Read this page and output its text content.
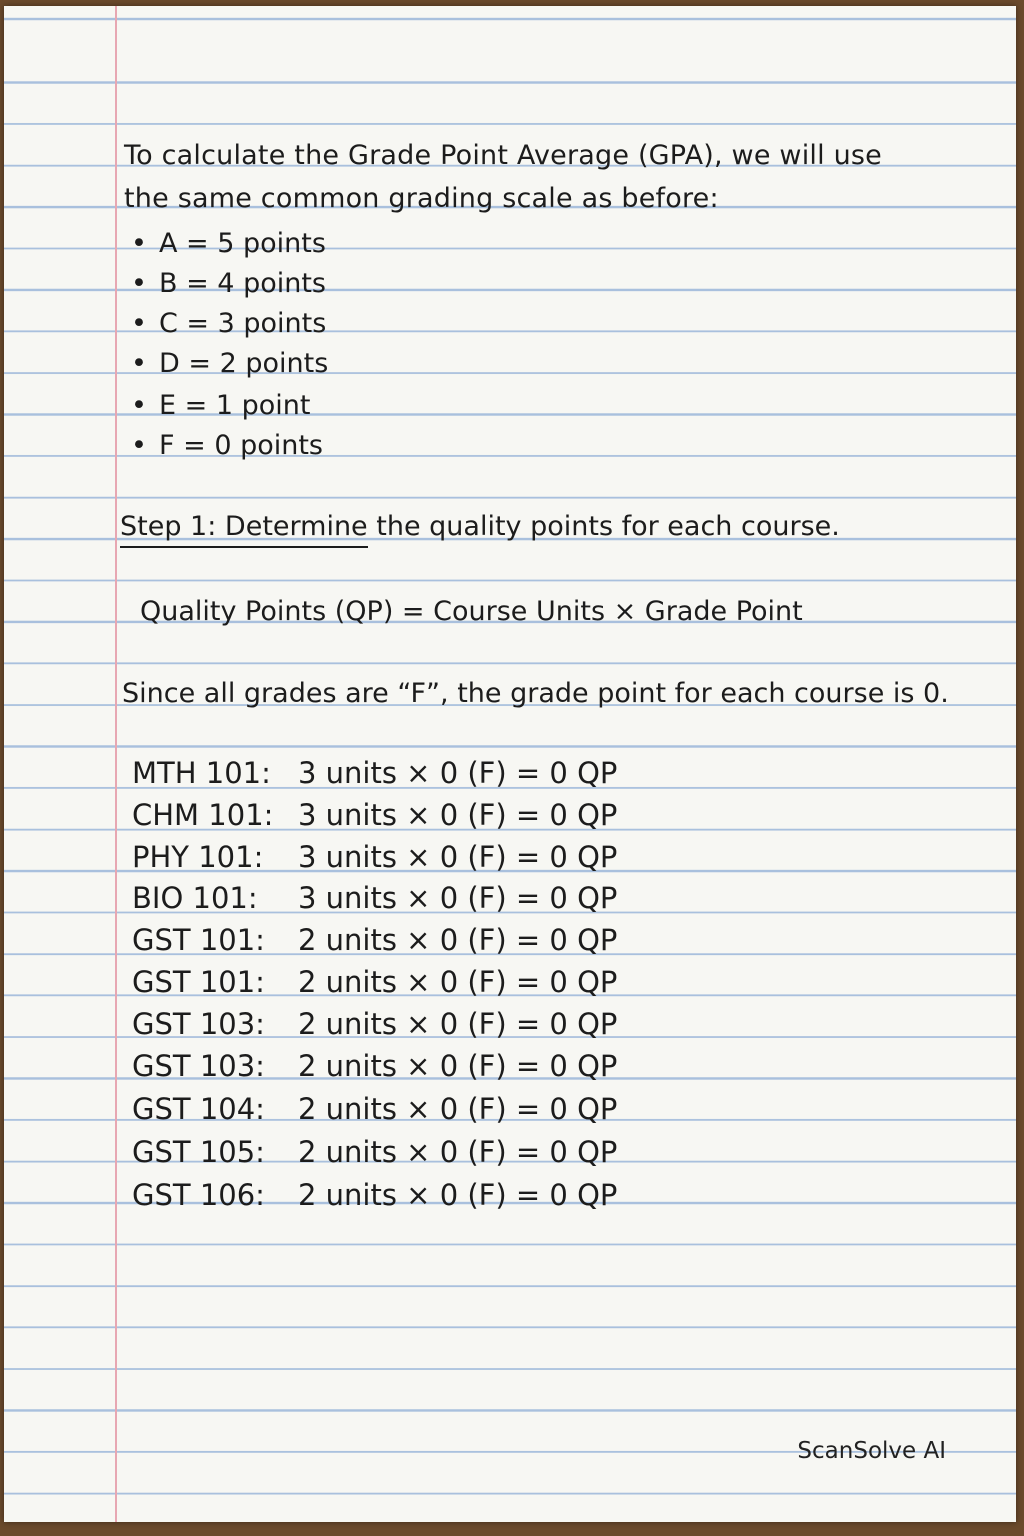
To calculate the Grade Point Average (GPA), we will use
the same common grading scale as before:
• A = 5 points
• B = 4 points
• C = 3 points
• D = 2 points
• E = 1 point
• F = 0 points
Step 1: Determine the quality points for each course.
Quality Points (QP) = Course Units × Grade Point
Since all grades are “F”, the grade point for each course is 0.
MTH 101: 3 units × 0 (F) = 0 QP
CHM 101: 3 units × 0 (F) = 0 QP
PHY 101: 3 units × 0 (F) = 0 QP
BIO 101: 3 units × 0 (F) = 0 QP
GST 101: 2 units × 0 (F) = 0 QP
GST 101: 2 units × 0 (F) = 0 QP
GST 103: 2 units × 0 (F) = 0 QP
GST 103: 2 units × 0 (F) = 0 QP
GST 104: 2 units × 0 (F) = 0 QP
GST 105: 2 units × 0 (F) = 0 QP
GST 106: 2 units × 0 (F) = 0 QP
ScanSolve AI
